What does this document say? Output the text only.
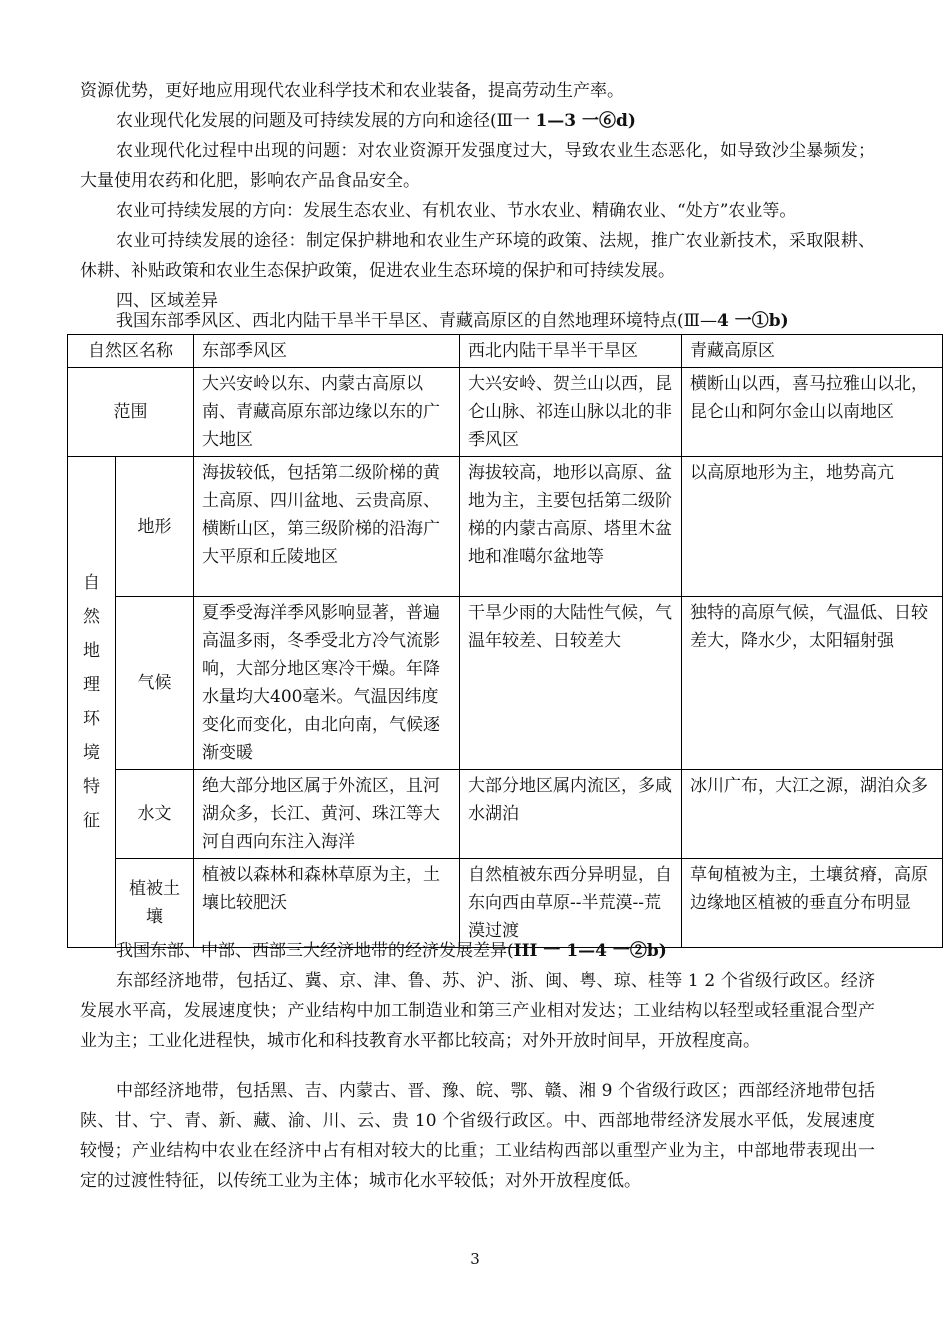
资源优势，更好地应用现代农业科学技术和农业装备，提高劳动生产率。

农业现代化发展的问题及可持续发展的方向和途径(Ⅲ一 1—3 一⑥d)

农业现代化过程中出现的问题：对农业资源开发强度过大，导致农业生态恶化，如导致沙尘暴频发；大量使用农药和化肥，影响农产品食品安全。

农业可持续发展的方向：发展生态农业、有机农业、节水农业、精确农业、“处方”农业等。

农业可持续发展的途径：制定保护耕地和农业生产环境的政策、法规，推广农业新技术，采取限耕、休耕、补贴政策和农业生态保护政策，促进农业生态环境的保护和可持续发展。

四、区域差异

我国东部季风区、西北内陆干旱半干旱区、青藏高原区的自然地理环境特点(Ⅲ—4 一①b)

自然区名称		东部季风区	西北内陆干旱半干旱区	青藏高原区
范围		大兴安岭以东、内蒙古高原以南、青藏高原东部边缘以东的广大地区	大兴安岭、贺兰山以西，昆仑山脉、祁连山脉以北的非季风区	横断山以西，喜马拉雅山以北，昆仑山和阿尔金山以南地区
自然地理环境特征	地形	海拔较低，包括第二级阶梯的黄土高原、四川盆地、云贵高原、横断山区，第三级阶梯的沿海广大平原和丘陵地区	海拔较高，地形以高原、盆地为主，主要包括第二级阶梯的内蒙古高原、塔里木盆地和准噶尔盆地等	以高原地形为主，地势高亢
	气候	夏季受海洋季风影响显著，普遍高温多雨，冬季受北方冷气流影响，大部分地区寒冷干燥。年降水量均大400毫米。气温因纬度变化而变化，由北向南，气候逐渐变暖	干旱少雨的大陆性气候，气温年较差、日较差大	独特的高原气候，气温低、日较差大，降水少，太阳辐射强
	水文	绝大部分地区属于外流区，且河湖众多，长江、黄河、珠江等大河自西向东注入海洋	大部分地区属内流区，多咸水湖泊	冰川广布，大江之源，湖泊众多
	植被土壤	植被以森林和森林草原为主，土壤比较肥沃	自然植被东西分异明显，自东向西由草原--半荒漠--荒漠过渡	草甸植被为主，土壤贫瘠，高原边缘地区植被的垂直分布明显

我国东部、中部、西部三大经济地带的经济发展差异(III 一 1—4 一②b)

东部经济地带，包括辽、冀、京、津、鲁、苏、沪、浙、闽、粤、琼、桂等 1 2 个省级行政区。经济发展水平高，发展速度快；产业结构中加工制造业和第三产业相对发达；工业结构以轻型或轻重混合型产业为主；工业化进程快，城市化和科技教育水平都比较高；对外开放时间早，开放程度高。

中部经济地带，包括黑、吉、内蒙古、晋、豫、皖、鄂、赣、湘 9 个省级行政区；西部经济地带包括陕、甘、宁、青、新、藏、渝、川、云、贵 10 个省级行政区。中、西部地带经济发展水平低，发展速度较慢；产业结构中农业在经济中占有相对较大的比重；工业结构西部以重型产业为主，中部地带表现出一定的过渡性特征，以传统工业为主体；城市化水平较低；对外开放程度低。

3
